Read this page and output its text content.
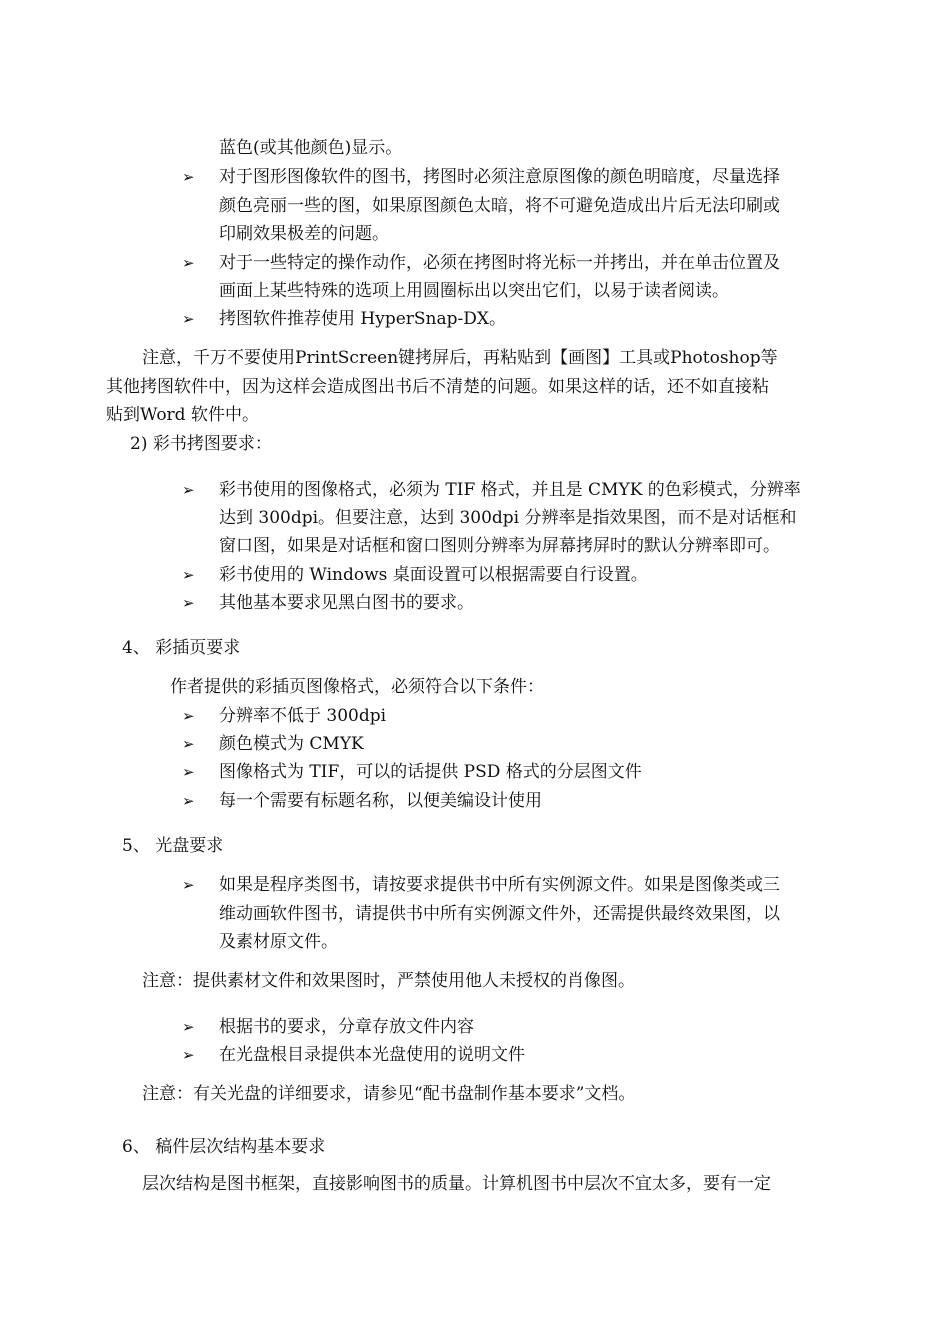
蓝色(或其他颜色)显示。
➢	对于图形图像软件的图书，拷图时必须注意原图像的颜色明暗度，尽量选择
颜色亮丽一些的图，如果原图颜色太暗，将不可避免造成出片后无法印刷或
印刷效果极差的问题。
➢	对于一些特定的操作动作，必须在拷图时将光标一并拷出，并在单击位置及
画面上某些特殊的选项上用圆圈标出以突出它们，以易于读者阅读。
➢	拷图软件推荐使用 HyperSnap-DX。
注意，千万不要使用PrintScreen键拷屏后，再粘贴到【画图】工具或Photoshop等
其他拷图软件中，因为这样会造成图出书后不清楚的问题。如果这样的话，还不如直接粘
贴到Word 软件中。
2) 彩书拷图要求：
➢	彩书使用的图像格式，必须为 TIF 格式，并且是 CMYK 的色彩模式，分辨率
达到 300dpi。但要注意，达到 300dpi 分辨率是指效果图，而不是对话框和
窗口图，如果是对话框和窗口图则分辨率为屏幕拷屏时的默认分辨率即可。
➢	彩书使用的 Windows 桌面设置可以根据需要自行设置。
➢	其他基本要求见黑白图书的要求。
4、 彩插页要求
作者提供的彩插页图像格式，必须符合以下条件：
➢	分辨率不低于 300dpi
➢	颜色模式为 CMYK
➢	图像格式为 TIF，可以的话提供 PSD 格式的分层图文件
➢	每一个需要有标题名称，以便美编设计使用
5、 光盘要求
➢	如果是程序类图书，请按要求提供书中所有实例源文件。如果是图像类或三
维动画软件图书，请提供书中所有实例源文件外，还需提供最终效果图，以
及素材原文件。
注意：提供素材文件和效果图时，严禁使用他人未授权的肖像图。
➢	根据书的要求，分章存放文件内容
➢	在光盘根目录提供本光盘使用的说明文件
注意：有关光盘的详细要求，请参见“配书盘制作基本要求”文档。
6、 稿件层次结构基本要求
层次结构是图书框架，直接影响图书的质量。计算机图书中层次不宜太多，要有一定
